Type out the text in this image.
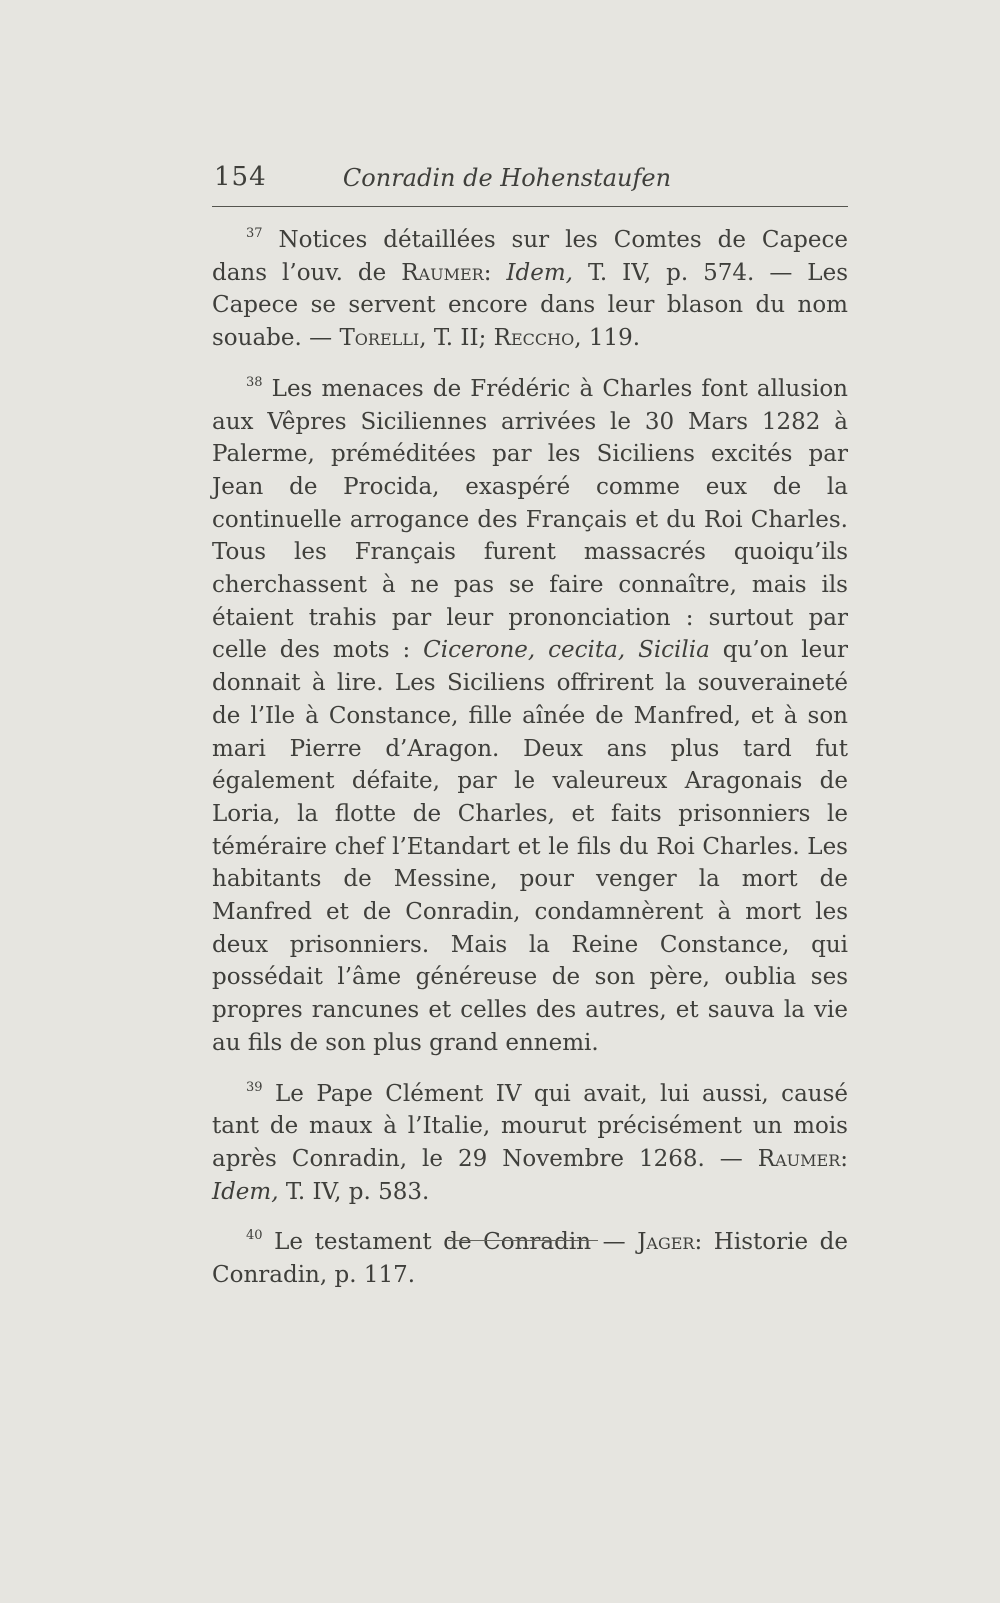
154	Conradin de Hohenstaufen

$^{37}$ Notices détaillées sur les Comtes de Capece dans l’ouv. de Raumer: Idem, T. IV, p. 574. — Les Capece se servent encore dans leur blason du nom souabe. — Torelli, T. II; Reccho, 119.

$^{38}$ Les menaces de Frédéric à Charles font allusion aux Vêpres Siciliennes arrivées le 30 Mars 1282 à Palerme, préméditées par les Siciliens excités par Jean de Procida, exaspéré comme eux de la continuelle arrogance des Français et du Roi Charles. Tous les Français furent massacrés quoiqu’ils cherchassent à ne pas se faire connaître, mais ils étaient trahis par leur prononciation : surtout par celle des mots : Cicerone, cecita, Sicilia qu’on leur donnait à lire. Les Siciliens offrirent la souveraineté de l’Ile à Constance, fille aînée de Manfred, et à son mari Pierre d’Aragon. Deux ans plus tard fut également défaite, par le valeureux Aragonais de Loria, la flotte de Charles, et faits prisonniers le téméraire chef l’Etandart et le fils du Roi Charles. Les habitants de Messine, pour venger la mort de Manfred et de Conradin, condamnèrent à mort les deux prisonniers. Mais la Reine Constance, qui possédait l’âme généreuse de son père, oublia ses propres rancunes et celles des autres, et sauva la vie au fils de son plus grand ennemi.

$^{39}$ Le Pape Clément IV qui avait, lui aussi, causé tant de maux à l’Italie, mourut précisément un mois après Conradin, le 29 Novembre 1268. — Raumer: Idem, T. IV, p. 583.

$^{40}$ Le testament de Conradin — Jager: Historie de Conradin, p. 117.
